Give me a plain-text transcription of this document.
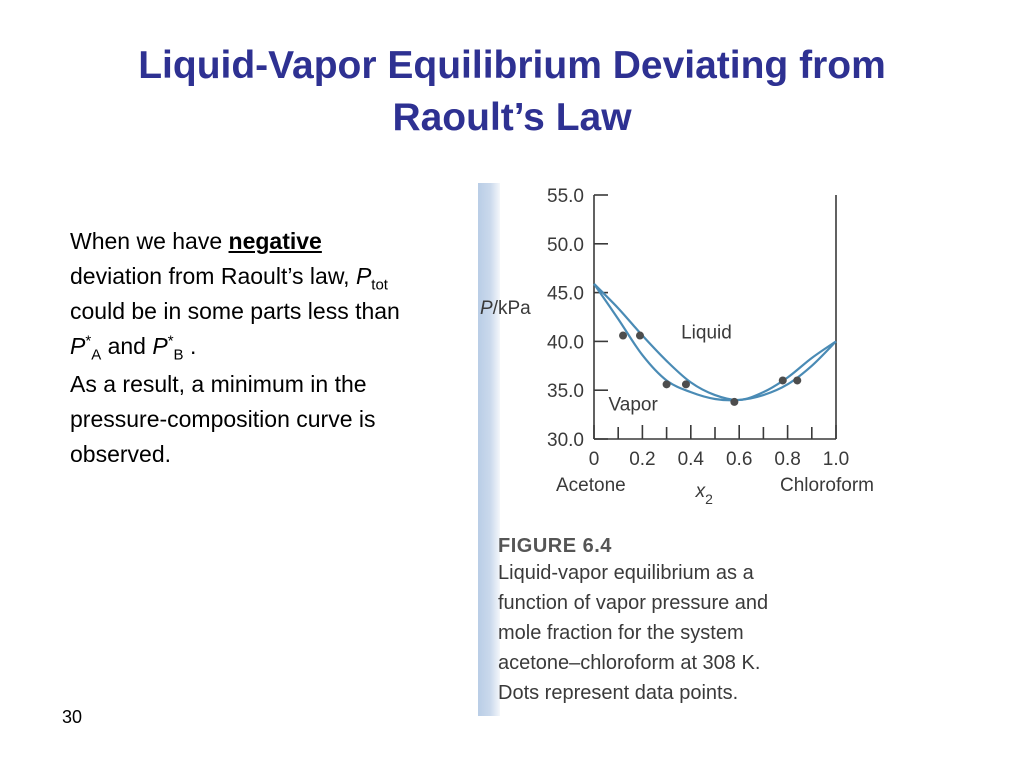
Liquid-Vapor Equilibrium Deviating from
Raoult’s Law

When we have negative deviation from Raoult’s law, $P_{tot}$ could be in some parts less than $P^*_A$ and $P^*_B$ .

As a result, a minimum in the pressure-composition curve is observed.

30.0
35.0
40.0
45.0
50.0
55.0
0 0.2 0.4 0.6 0.8 1.0
P/kPa
Acetone	Chloroform
$x_2$
Liquid
Vapor
FIGURE 6.4
Liquid-vapor equilibrium as a
function of vapor pressure and
mole fraction for the system
acetone–chloroform at 308 K.
Dots represent data points.
30
